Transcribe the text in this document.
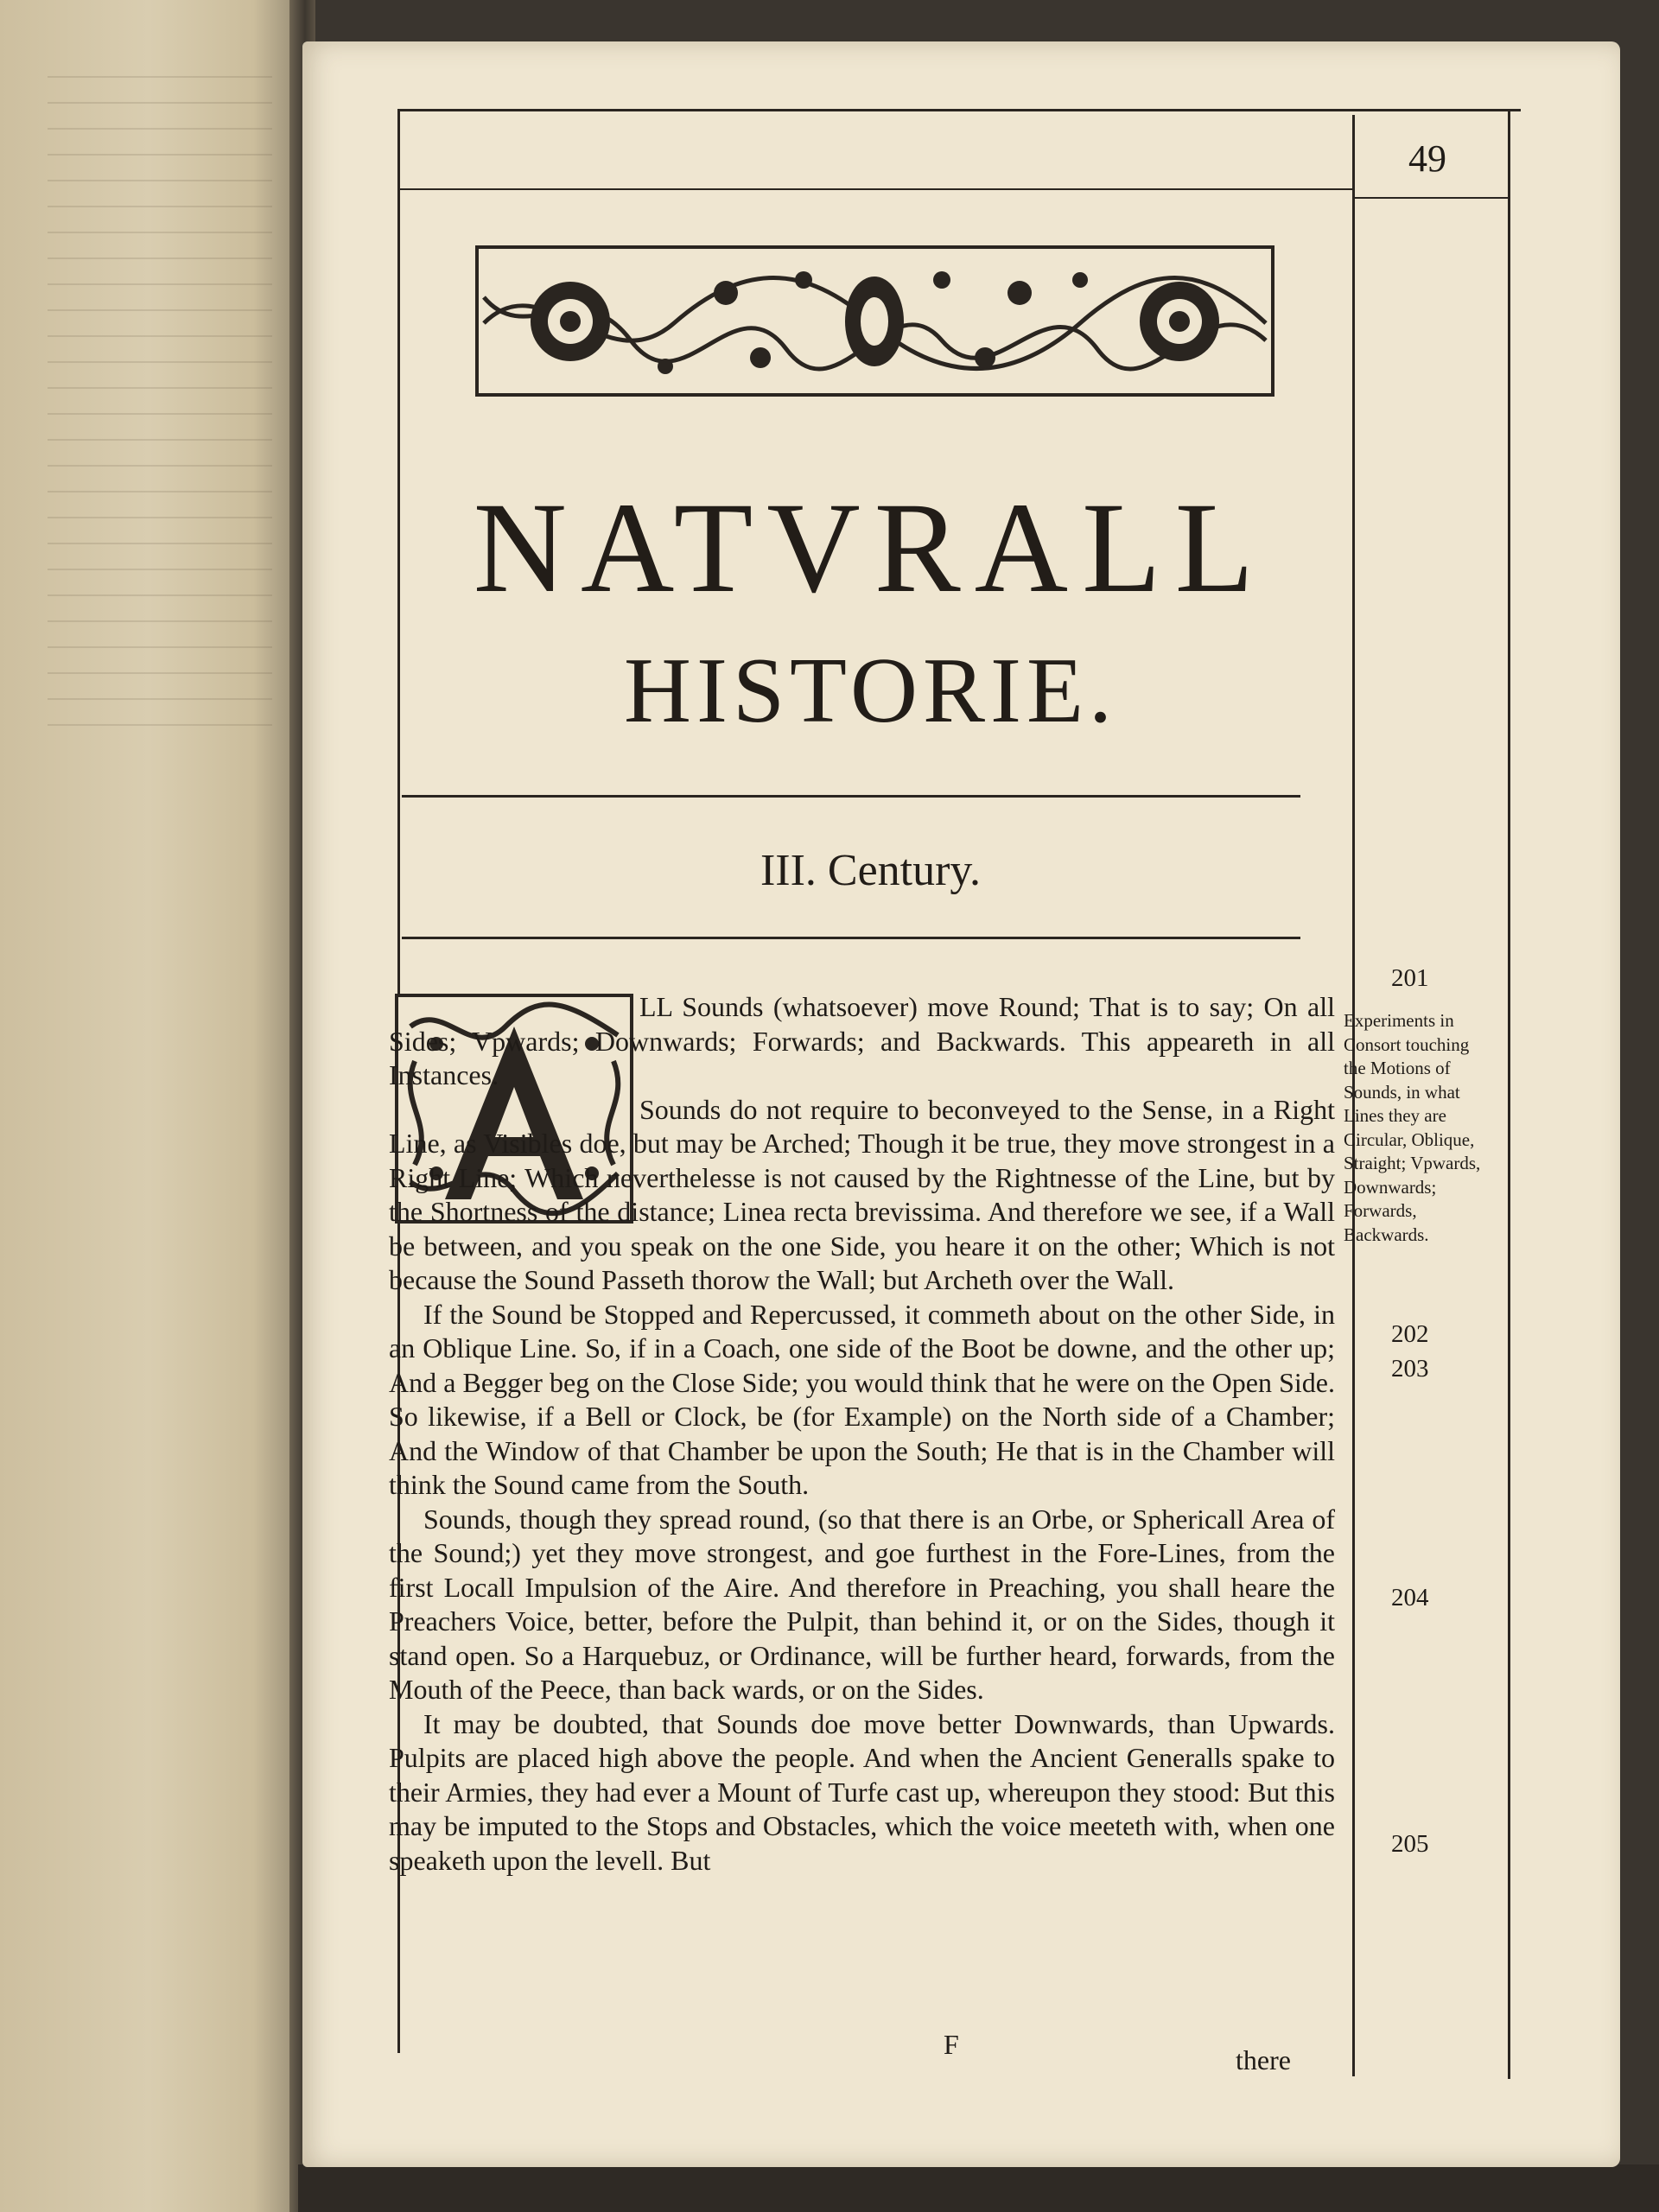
49
NATVRALL
HISTORIE.
III. Century.

LL Sounds (whatsoever) move Round; That is to say; On all Sides; Vpwards; Downwards; Forwards; and Backwards. This appeareth in all Instances.

Sounds do not require to beconveyed to the Sense, in a Right Line, as Visibles doe, but may be Arched; Though it be true, they move strongest in a Right Line; Which neverthelesse is not caused by the Rightnesse of the Line, but by the Shortness of the distance; Linea recta brevissima. And therefore we see, if a Wall be between, and you speak on the one Side, you heare it on the other; Which is not because the Sound Passeth thorow the Wall; but Archeth over the Wall.

If the Sound be Stopped and Repercussed, it commeth about on the other Side, in an Oblique Line. So, if in a Coach, one side of the Boot be downe, and the other up; And a Begger beg on the Close Side; you would think that he were on the Open Side. So likewise, if a Bell or Clock, be (for Example) on the North side of a Chamber; And the Window of that Chamber be upon the South; He that is in the Chamber will think the Sound came from the South.

Sounds, though they spread round, (so that there is an Orbe, or Sphericall Area of the Sound;) yet they move strongest, and goe furthest in the Fore-Lines, from the first Locall Impulsion of the Aire. And therefore in Preaching, you shall heare the Preachers Voice, better, before the Pulpit, than behind it, or on the Sides, though it stand open. So a Harquebuz, or Ordinance, will be further heard, forwards, from the Mouth of the Peece, than back wards, or on the Sides.

It may be doubted, that Sounds doe move better Downwards, than Upwards. Pulpits are placed high above the people. And when the Ancient Generalls spake to their Armies, they had ever a Mount of Turfe cast up, whereupon they stood: But this may be imputed to the Stops and Obstacles, which the voice meeteth with, when one speaketh upon the levell. But

201
Experiments in Consort touching the Motions of Sounds, in what Lines they are Circular, Oblique, Straight; Vpwards, Downwards; Forwards, Backwards.
202
203
204
205
F	there
